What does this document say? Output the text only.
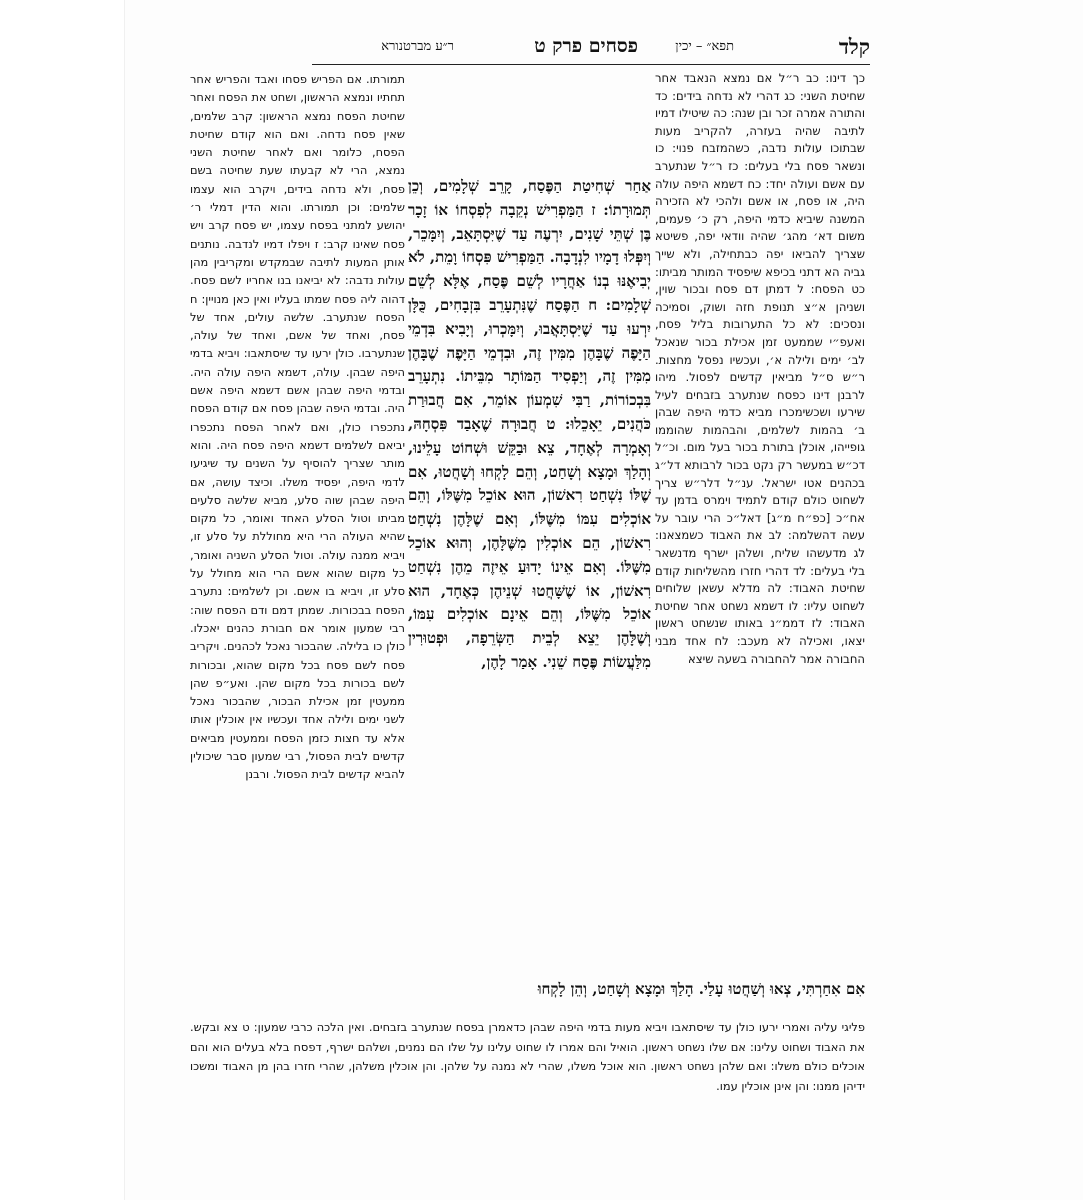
קלד
תפא״ – יכין
פסחים פרק ט
ר״ע מברטנורא

כך דינו: כב ר״ל אם נמצא הנאבד אחר שחיטת השני: כג דהרי לא נדחה בידים: כד והתורה אמרה זכר ובן שנה: כה שיטילו דמיו לתיבה שהיה בעזרה, להקריב מעות שבתוכו עולות נדבה, כשהמזבח פנוי: כו ונשאר פסח בלי בעלים: כז ר״ל שנתערב עם אשם ועולה יחד: כח דשמא היפה עולה היה, או פסח, או אשם ולהכי לא הזכירה המשנה שיביא כדמי היפה, רק כ׳ פעמים, משום דא׳ מהג׳ שהיה וודאי יפה, פשיטא שצריך להביאו יפה כבתחילה, ולא שייך גביה הא דתני בכיפא שיפסיד המותר מביתו: כט הפסח: ל דמתן דם פסח ובכור שוין, ושניהן א״צ תנופת חזה ושוק, וסמיכה ונסכים: לא כל התערובות בליל פסח, ואעפ״י שממעט זמן אכילת בכור שנאכל לב׳ ימים ולילה א׳, ועכשיו נפסל מחצות. ר״ש ס״ל מביאין קדשים לפסול. מיהו לרבנן דינו כפסח שנתערב בזבחים לעיל שירעו ושכשימכרו מביא כדמי היפה שבהן ב׳ בהמות לשלמים, והבהמות שהוממו גופייהו, אוכלן בתורת בכור בעל מום. וכ״ל דכ״ש במעשר רק נקט בכור לרבותא דל״ג בכהנים אטו ישראל. ענ״ל דלר״ש צריך לשחוט כולם קודם לתמיד וימרס בדמן עד אח״כ [כפ״ח מ״ג] דאל״כ הרי עובר על עשה דהשלמה: לב את האבוד כשמצאנו: לג מדעשהו שליח, ושלהן ישרף מדנשאר בלי בעלים: לד דהרי חזרו מהשליחות קודם שחיטת האבוד: לה מדלא עשאן שלוחים לשחוט עליו: לו דשמא נשחט אחר שחיטת האבוד: לז דממ״נ באותו שנשחט ראשון יצאו, ואכילה לא מעכב: לח אחד מבני החבורה אמר להחבורה בשעה שיצא

אַחַר שְׁחִיטַת הַפֶּסַח, קָרֵב שְׁלָמִים, וְכֵן תְּמוּרָתוֹ: ז הַמַּפְרִישׁ נְקֵבָה לְפִסְחוֹ אוֹ זָכָר בֶּן שְׁתֵּי שָׁנִים, יִרְעֶה עַד שֶׁיִּסְתָּאֵב, וְיִמָּכֵר, וְיִפְּלוּ דָמָיו לִנְדָבָה. הַמַּפְרִישׁ פִּסְחוֹ וָמֵת, לֹא יְבִיאֶנּוּ בְנוֹ אַחֲרָיו לְשֵׁם פֶּסַח, אֶלָּא לְשֵׁם שְׁלָמִים: ח הַפֶּסַח שֶׁנִּתְעָרֵב בִּזְבָחִים, כֻּלָּן יִרְעוּ עַד שֶׁיִּסְתָּאֲבוּ, וְיִמָּכְרוּ, וְיָבִיא בִּדְמֵי הַיָּפֶה שֶׁבָּהֶן מִמִּין זֶה, וּבִדְמֵי הַיָּפֶה שֶׁבָּהֶן מִמִּין זֶה, וְיַפְסִיד הַמּוֹתָר מִבֵּיתוֹ. נִתְעָרֵב בִּבְכוֹרוֹת, רַבִּי שִׁמְעוֹן אוֹמֵר, אִם חֲבוּרַת כֹּהֲנִים, יֵאָכֵלוּ: ט חֲבוּרָה שֶׁאָבַד פִּסְחָהּ, וְאָמְרָה לְאֶחָד, צֵא וּבַקֵּשׁ וּשְׁחוֹט עָלֵינוּ, וְהָלַךְ וּמָצָא וְשָׁחַט, וְהֵם לָקְחוּ וְשָׁחֲטוּ, אִם שֶׁלּוֹ נִשְׁחַט רִאשׁוֹן, הוּא אוֹכֵל מִשֶּׁלּוֹ, וְהֵם אוֹכְלִים עִמּוֹ מִשֶּׁלּוֹ, וְאִם שֶׁלָּהֶן נִשְׁחַט רִאשׁוֹן, הֵם אוֹכְלִין מִשֶּׁלָּהֶן, וְהוּא אוֹכֵל מִשֶּׁלּוֹ. וְאִם אֵינוֹ יָדוּעַ אֵיזֶה מֵהֶן נִשְׁחַט רִאשׁוֹן, אוֹ שֶׁשָּׁחֲטוּ שְׁנֵיהֶן כְּאֶחָד, הוּא אוֹכֵל מִשֶּׁלּוֹ, וְהֵם אֵינָם אוֹכְלִים עִמּוֹ, וְשֶׁלָּהֶן יֵצֵא לְבֵית הַשְּׂרֵפָה, וּפְטוּרִין מִלַּעֲשׂוֹת פֶּסַח שֵׁנִי. אָמַר לָהֶן,

תמורתו. אם הפריש פסחו ואבד והפריש אחר תחתיו ונמצא הראשון, ושחט את הפסח ואחר שחיטת הפסח נמצא הראשון: קרב שלמים, שאין פסח נדחה. ואם הוא קודם שחיטת הפסח, כלומר ואם לאחר שחיטת השני נמצא, הרי לא קבעתו שעת שחיטה בשם פסח, ולא נדחה בידים, ויקרב הוא עצמו שלמים: וכן תמורתו. והוא הדין דמלי ר׳ יהושע למתני בפסח עצמו, יש פסח קרב ויש פסח שאינו קרב: ז ויפלו דמיו לנדבה. נותנים אותן המעות לתיבה שבמקדש ומקריבין מהן עולות נדבה: לא יביאנו בנו אחריו לשם פסח. דהוה ליה פסח שמתו בעליו ואין כאן מנויין: ח הפסח שנתערב. שלשה עולים, אחד של פסח, ואחד של אשם, ואחד של עולה, שנתערבו. כולן ירעו עד שיסתאבו: ויביא בדמי היפה שבהן. עולה, דשמא היפה עולה היה. ובדמי היפה שבהן אשם דשמא היפה אשם היה. ובדמי היפה שבהן פסח אם קודם הפסח נתכפרו כולן, ואם לאחר הפסח נתכפרו יביאם לשלמים דשמא היפה פסח היה. והוא מותר שצריך להוסיף על השנים עד שיגיעו לדמי היפה, יפסיד משלו. וכיצד עושה, אם היפה שבהן שוה סלע, מביא שלשה סלעים מביתו וטול הסלע האחד ואומר, כל מקום שהיא העולה הרי היא מחוללת על סלע זו, ויביא ממנה עולה. וטול הסלע השניה ואומר, כל מקום שהוא אשם הרי הוא מחולל על סלע זו, ויביא בו אשם. וכן לשלמים: נתערב הפסח בבכורות. שמתן דמם ודם הפסח שוה: רבי שמעון אומר אם חבורת כהנים יאכלו. כולן כו בלילה. שהבכור נאכל לכהנים. ויקריב פסח לשם פסח בכל מקום שהוא, ובכורות לשם בכורות בכל מקום שהן. ואע״פ שהן ממעטין זמן אכילת הבכור, שהבכור נאכל לשני ימים ולילה אחד ועכשיו אין אוכלין אותו אלא עד חצות כזמן הפסח וממעטין מביאים קדשים לבית הפסול, רבי שמעון סבר שיכולין להביא קדשים לבית הפסול. ורבנן

אִם אִחַרְתִּי, צְאוּ וְשַׁחֲטוּ עָלַי. הָלַךְ וּמָצָא וְשָׁחַט, וְהֵן לָקְחוּ

פליגי עליה ואמרי ירעו כולן עד שיסתאבו ויביא מעות בדמי היפה שבהן כדאמרן בפסח שנתערב בזבחים. ואין הלכה כרבי שמעון: ט צא ובקש. את האבוד ושחוט עלינו: אם שלו נשחט ראשון. הואיל והם אמרו לו שחוט עלינו על שלו הם נמנים, ושלהם ישרף, דפסח בלא בעלים הוא והם אוכלים כולם משלו: ואם שלהן נשחט ראשון. הוא אוכל משלו, שהרי לא נמנה על שלהן. והן אוכלין משלהן, שהרי חזרו בהן מן האבוד ומשכו ידיהן ממנו: והן אינן אוכלין עמו.
